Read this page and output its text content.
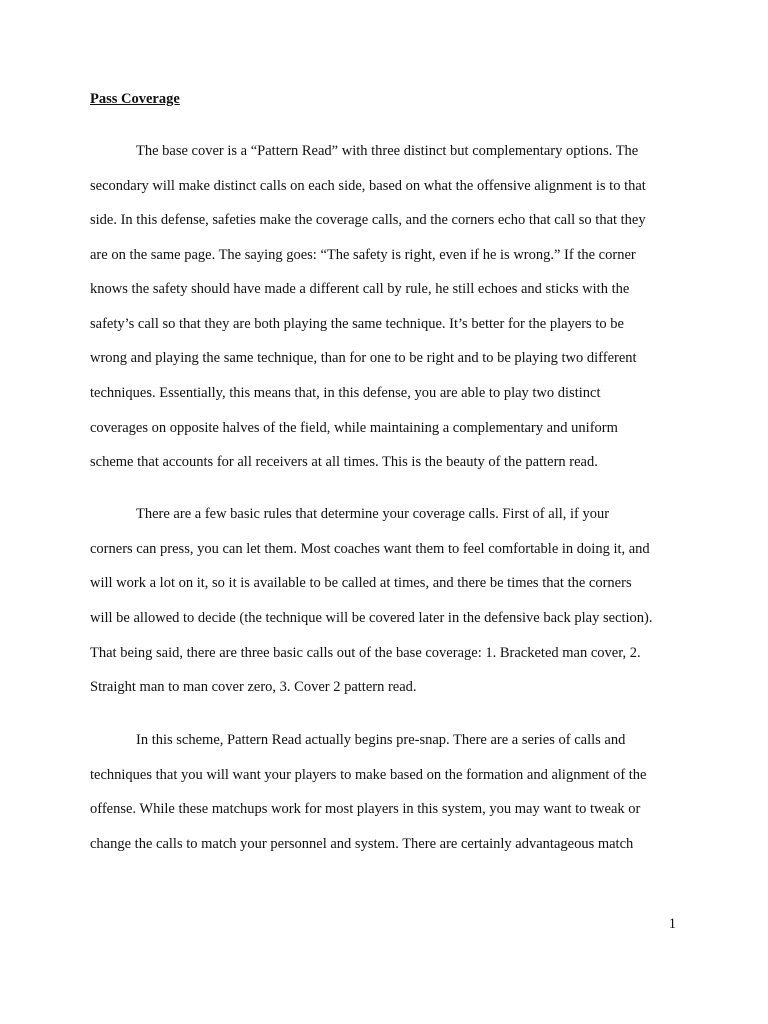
Pass Coverage
The base cover is a “Pattern Read” with three distinct but complementary options. The
secondary will make distinct calls on each side, based on what the offensive alignment is to that
side. In this defense, safeties make the coverage calls, and the corners echo that call so that they
are on the same page. The saying goes: “The safety is right, even if he is wrong.” If the corner
knows the safety should have made a different call by rule, he still echoes and sticks with the
safety’s call so that they are both playing the same technique. It’s better for the players to be
wrong and playing the same technique, than for one to be right and to be playing two different
techniques. Essentially, this means that, in this defense, you are able to play two distinct
coverages on opposite halves of the field, while maintaining a complementary and uniform
scheme that accounts for all receivers at all times. This is the beauty of the pattern read.
There are a few basic rules that determine your coverage calls. First of all, if your
corners can press, you can let them. Most coaches want them to feel comfortable in doing it, and
will work a lot on it, so it is available to be called at times, and there be times that the corners
will be allowed to decide (the technique will be covered later in the defensive back play section).
That being said, there are three basic calls out of the base coverage: 1. Bracketed man cover, 2.
Straight man to man cover zero, 3. Cover 2 pattern read.
In this scheme, Pattern Read actually begins pre-snap. There are a series of calls and
techniques that you will want your players to make based on the formation and alignment of the
offense. While these matchups work for most players in this system, you may want to tweak or
change the calls to match your personnel and system. There are certainly advantageous match
1
